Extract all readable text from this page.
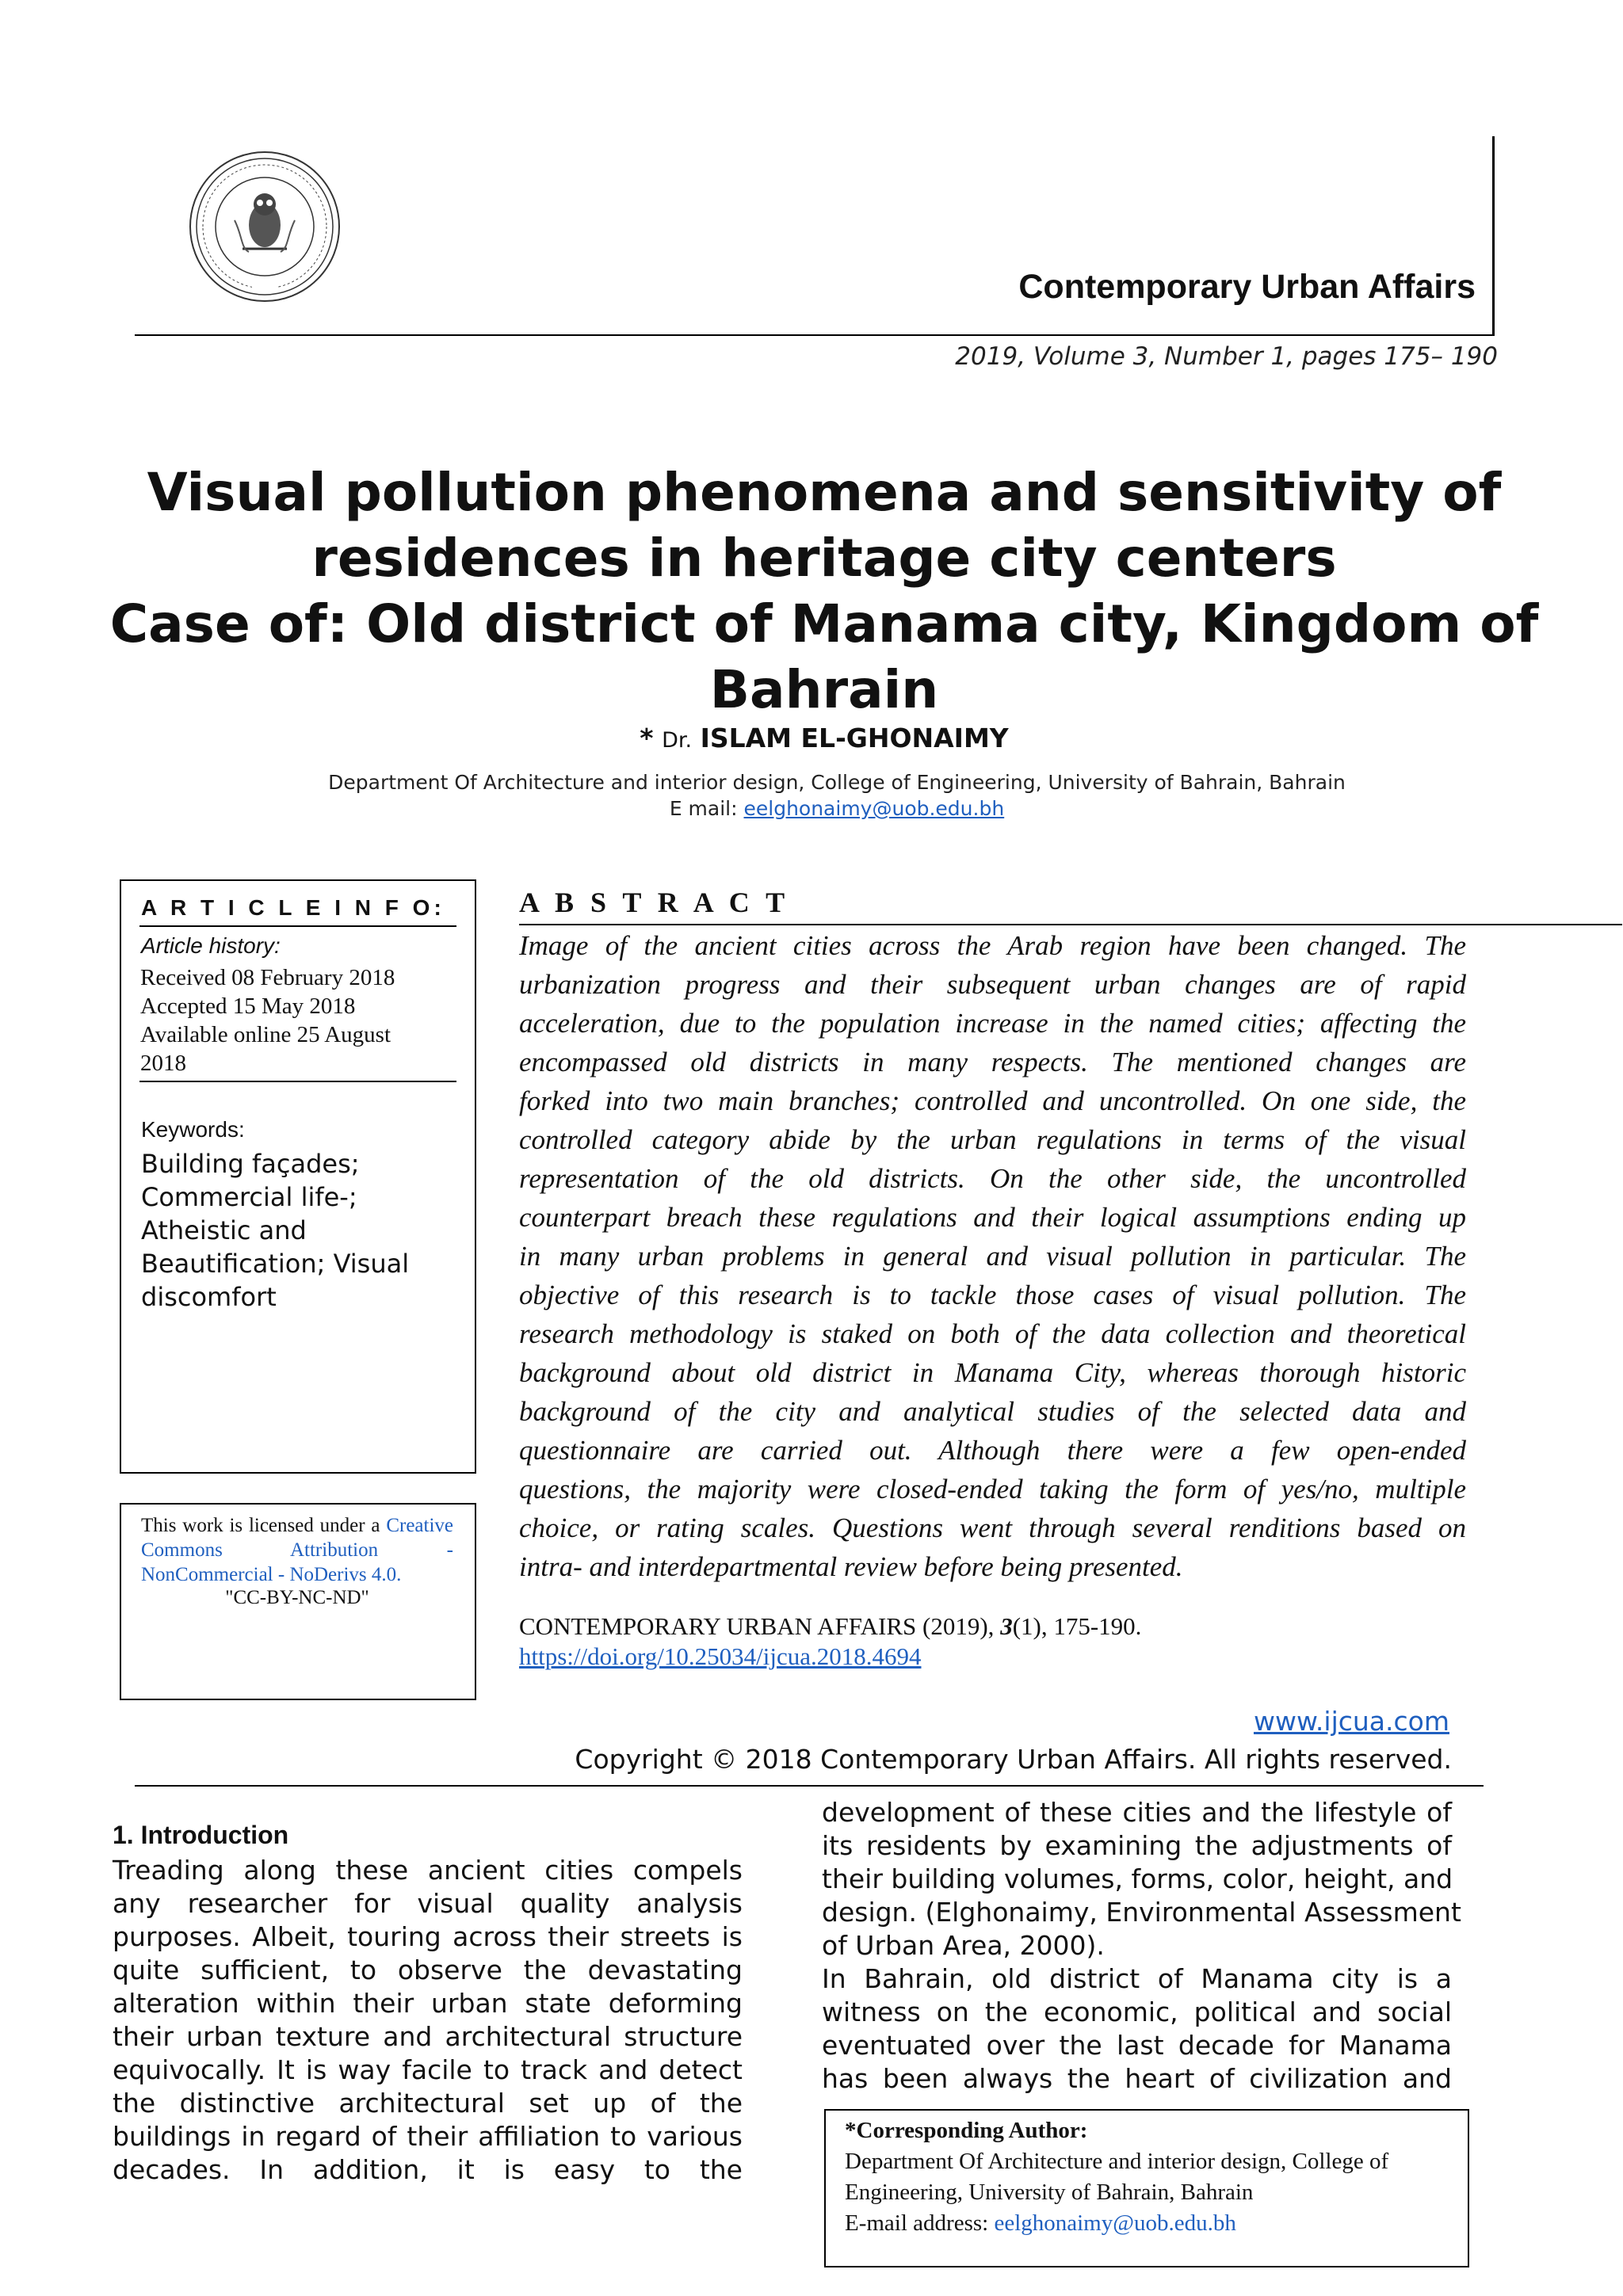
Contemporary Urban Affairs
2019, Volume 3, Number 1, pages 175– 190
Visual pollution phenomena and sensitivity of
residences in heritage city centers
Case of: Old district of Manama city, Kingdom of
Bahrain
* Dr. ISLAM EL-GHONAIMY
Department Of Architecture and interior design, College of Engineering, University of Bahrain, Bahrain
E mail: eelghonaimy@uob.edu.bh
A R T I C L E I N F O:
Article history:
Received 08 February 2018
Accepted 15 May 2018
Available online 25 August
2018
Keywords:
Building façades;
Commercial life-;
Atheistic and
Beautification; Visual
discomfort
This work is licensed under a Creative Commons Attribution - NonCommercial - NoDerivs 4.0.
"CC-BY-NC-ND"
A B S T R A C T
Image of the ancient cities across the Arab region have been changed. The
urbanization progress and their subsequent urban changes are of rapid
acceleration, due to the population increase in the named cities; affecting the
encompassed old districts in many respects. The mentioned changes are
forked into two main branches; controlled and uncontrolled. On one side, the
controlled category abide by the urban regulations in terms of the visual
representation of the old districts. On the other side, the uncontrolled
counterpart breach these regulations and their logical assumptions ending up
in many urban problems in general and visual pollution in particular. The
objective of this research is to tackle those cases of visual pollution. The
research methodology is staked on both of the data collection and theoretical
background about old district in Manama City, whereas thorough historic
background of the city and analytical studies of the selected data and
questionnaire are carried out. Although there were a few open-ended
questions, the majority were closed-ended taking the form of yes/no, multiple
choice, or rating scales. Questions went through several renditions based on
intra- and interdepartmental review before being presented.
CONTEMPORARY URBAN AFFAIRS (2019), 3(1), 175-190.
https://doi.org/10.25034/ijcua.2018.4694
www.ijcua.com
Copyright © 2018 Contemporary Urban Affairs. All rights reserved.
1. Introduction
Treading along these ancient cities compels
any researcher for visual quality analysis
purposes. Albeit, touring across their streets is
quite sufficient, to observe the devastating
alteration within their urban state deforming
their urban texture and architectural structure
equivocally. It is way facile to track and detect
the distinctive architectural set up of the
buildings in regard of their affiliation to various
decades. In addition, it is easy to the
development of these cities and the lifestyle of
its residents by examining the adjustments of
their building volumes, forms, color, height, and
design. (Elghonaimy, Environmental Assessment
of Urban Area, 2000).
In Bahrain, old district of Manama city is a
witness on the economic, political and social
eventuated over the last decade for Manama
has been always the heart of civilization and
*Corresponding Author:
Department Of Architecture and interior design, College of
Engineering, University of Bahrain, Bahrain
E-mail address: eelghonaimy@uob.edu.bh
